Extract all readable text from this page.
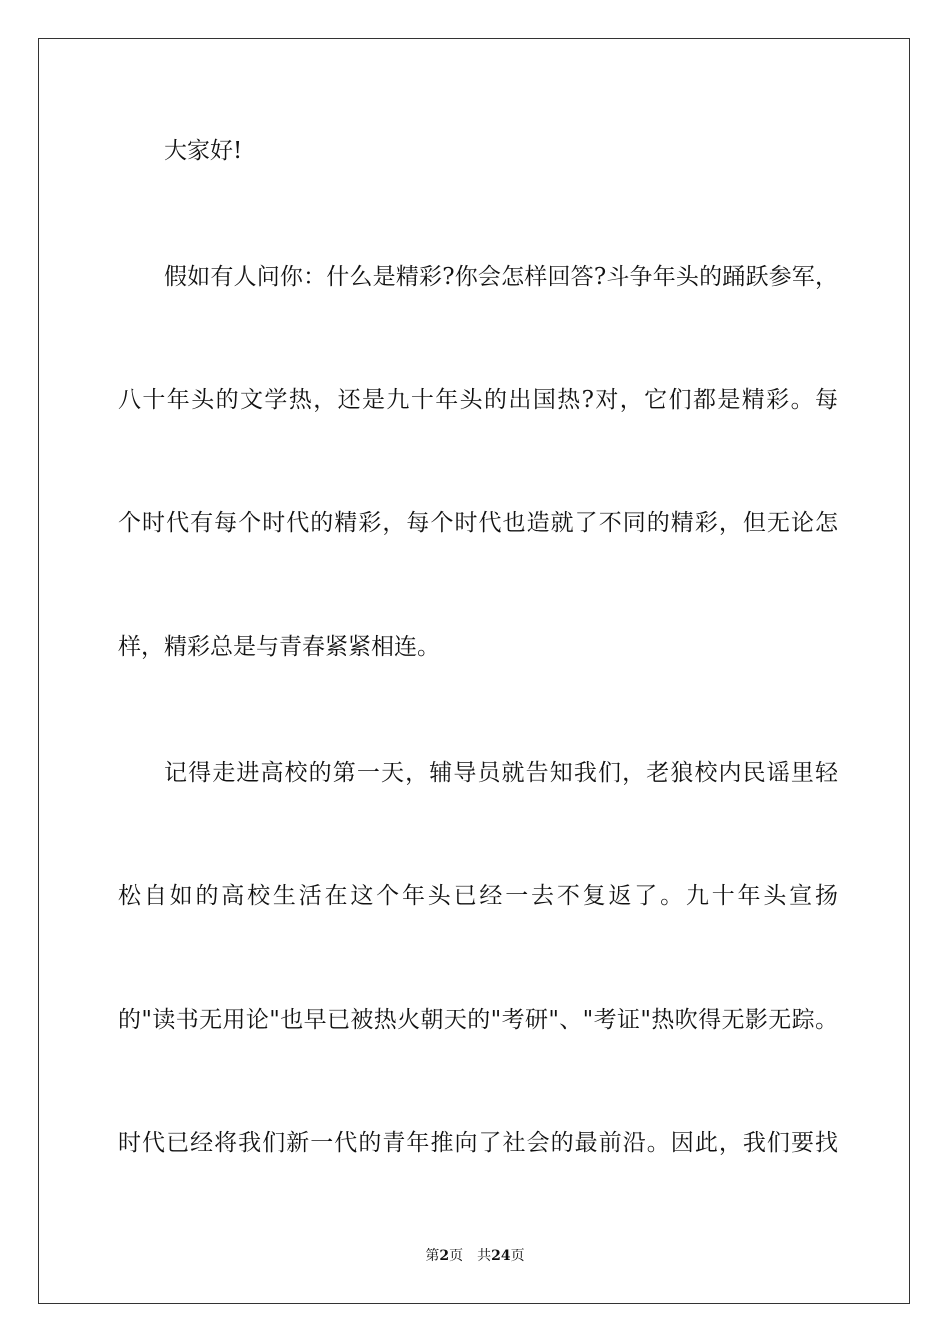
大家好!

假如有人问你：什么是精彩?你会怎样回答?斗争年头的踊跃参军，

八十年头的文学热，还是九十年头的出国热?对，它们都是精彩。每

个时代有每个时代的精彩，每个时代也造就了不同的精彩，但无论怎

样，精彩总是与青春紧紧相连。

记得走进高校的第一天，辅导员就告知我们，老狼校内民谣里轻

松自如的高校生活在这个年头已经一去不复返了。九十年头宣扬

的"读书无用论"也早已被热火朝天的"考研"、"考证"热吹得无影无踪。

时代已经将我们新一代的青年推向了社会的最前沿。因此，我们要找

第2页 共24页
